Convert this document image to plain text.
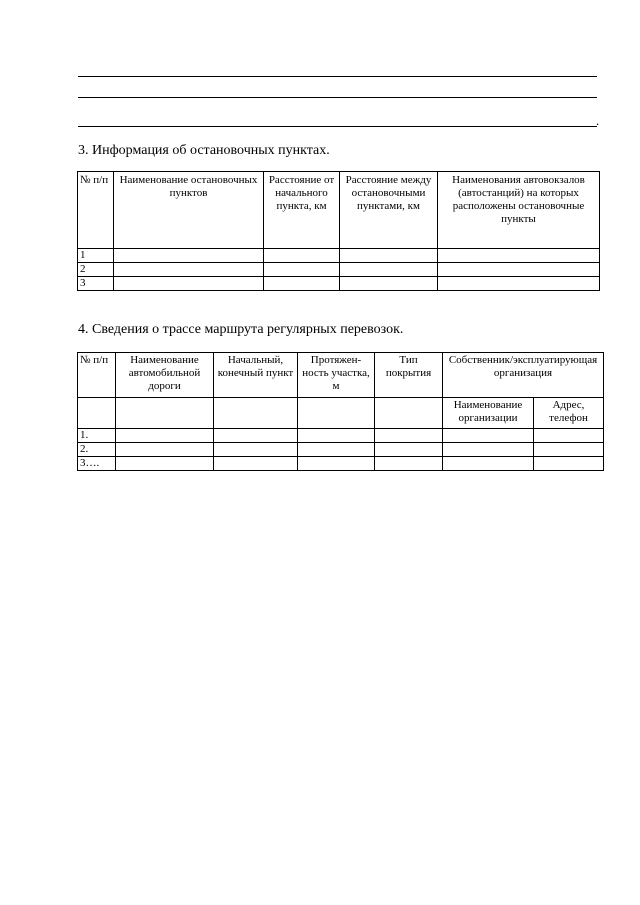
.
3. Информация об остановочных пунктах.
№ п/п	Наименование остановочных пунктов	Расстояние от начального пункта, км	Расстояние между остановочными пунктами, км	Наименования автовокзалов (автостанций) на которых расположены остановочные пункты
1				
2				
3				
4. Сведения о трассе маршрута регулярных перевозок.
№ п/п	Наименование автомобильной дороги	Начальный, конечный пункт	Протяжен-ность участка, м	Тип покрытия	Собственник/эксплуатирующая организация	
					Наименование организации	Адрес, телефон
1.						
2.						
3….						
